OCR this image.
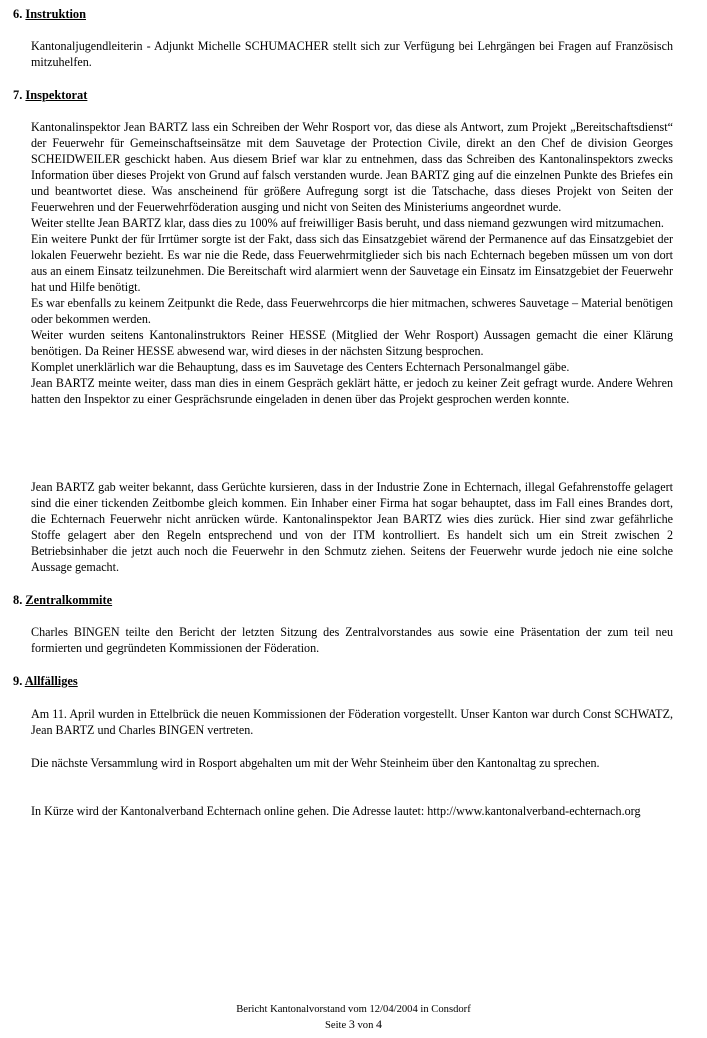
6. Instruktion

Kantonaljugendleiterin - Adjunkt Michelle SCHUMACHER stellt sich zur Verfügung bei Lehrgängen bei Fragen auf Französisch mitzuhelfen.

7. Inspektorat
Kantonalinspektor Jean BARTZ lass ein Schreiben der Wehr Rosport vor, das diese als Antwort, zum Projekt „Bereitschaftsdienst“ der Feuerwehr für Gemeinschaftseinsätze mit dem Sauvetage der Protection Civile, direkt an den Chef de division Georges SCHEIDWEILER geschickt haben. Aus diesem Brief war klar zu entnehmen, dass das Schreiben des Kantonalinspektors zwecks Information über dieses Projekt von Grund auf falsch verstanden wurde. Jean BARTZ ging auf die einzelnen Punkte des Briefes ein und beantwortet diese. Was anscheinend für größere Aufregung sorgt ist die Tatschache, dass dieses Projekt von Seiten der Feuerwehren und der Feuerwehrföderation ausging und nicht von Seiten des Ministeriums angeordnet wurde.
Weiter stellte Jean BARTZ klar, dass dies zu 100% auf freiwilliger Basis beruht, und dass niemand gezwungen wird mitzumachen.
Ein weitere Punkt der für Irrtümer sorgte ist der Fakt, dass sich das Einsatzgebiet wärend der Permanence auf das Einsatzgebiet der lokalen Feuerwehr bezieht. Es war nie die Rede, dass Feuerwehrmitglieder sich bis nach Echternach begeben müssen um von dort aus an einem Einsatz teilzunehmen. Die Bereitschaft wird alarmiert wenn der Sauvetage ein Einsatz im Einsatzgebiet der Feuerwehr hat und Hilfe benötigt.
Es war ebenfalls zu keinem Zeitpunkt die Rede, dass Feuerwehrcorps die hier mitmachen, schweres Sauvetage – Material benötigen oder bekommen werden.
Weiter wurden seitens Kantonalinstruktors Reiner HESSE (Mitglied der Wehr Rosport) Aussagen gemacht die einer Klärung benötigen. Da Reiner HESSE abwesend war, wird dieses in der nächsten Sitzung besprochen.
Komplet unerklärlich war die Behauptung, dass es im Sauvetage des Centers Echternach Personalmangel gäbe.
Jean BARTZ meinte weiter, dass man dies in einem Gespräch geklärt hätte, er jedoch zu keiner Zeit gefragt wurde. Andere Wehren hatten den Inspektor zu einer Gesprächsrunde eingeladen in denen über das Projekt gesprochen werden konnte.

Jean BARTZ gab weiter bekannt, dass Gerüchte kursieren, dass in der Industrie Zone in Echternach, illegal Gefahrenstoffe gelagert sind die einer tickenden Zeitbombe gleich kommen. Ein Inhaber einer Firma hat sogar behauptet, dass im Fall eines Brandes dort, die Echternach Feuerwehr nicht anrücken würde. Kantonalinspektor Jean BARTZ wies dies zurück. Hier sind zwar gefährliche Stoffe gelagert aber den Regeln entsprechend und von der ITM kontrolliert. Es handelt sich um ein Streit zwischen 2 Betriebsinhaber die jetzt auch noch die Feuerwehr in den Schmutz ziehen. Seitens der Feuerwehr wurde jedoch nie eine solche Aussage gemacht.

8. Zentralkommite

Charles BINGEN teilte den Bericht der letzten Sitzung des Zentralvorstandes aus sowie eine Präsentation der zum teil neu formierten und gegründeten Kommissionen der Föderation.

9. Allfälliges

Am 11. April wurden in Ettelbrück die neuen Kommissionen der Föderation vorgestellt. Unser Kanton war durch Const SCHWATZ, Jean BARTZ und Charles BINGEN vertreten.

Die nächste Versammlung wird in Rosport abgehalten um mit der Wehr Steinheim über den Kantonaltag zu sprechen.

In Kürze wird der Kantonalverband Echternach online gehen. Die Adresse lautet: http://www.kantonalverband-echternach.org

Bericht Kantonalvorstand vom 12/04/2004 in Consdorf
Seite 3 von 4
